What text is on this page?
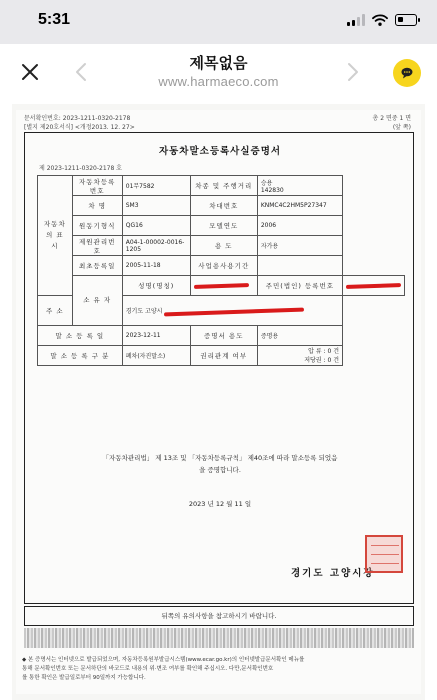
5:31
제목없음
www.harmaeco.com
문서확인번호: 2023-1211-0320-2178
[별지 제20호서식] <개정2013. 12. 27>
총 2 면중 1 면
(앞 쪽)
자동차말소등록사실증명서
제 2023-1211-0320-2178 호
자동차의 표 시	자동차등록번호	01무7582	차종 및 주행거리	승용
142830	

	차 명	SM3	차대번호	KNMC4C2HM5P27347	
	원동기형식	QG16	모델연도	2006	
	제원관리번호	A04-1-00002-0016-1205	용 도	자가용	
	최초등록일	2005-11-18	사업용사용기간		
	소 유 자	성명(명칭)		주민(법인) 등록번호	
주 소		경기도 고양시			
말 소 등 록 일		2023-12-11	증명서 용도	증명용	
말 소 등 록 구 분		폐차(자진말소)	권리관계 여부	압 류 : 0 건
저당권 : 0 건	
「자동차관리법」 제 13조 및 「자동차등록규칙」 제40조에 따라 말소등록 되었음
을 증명합니다.
2023 년 12 월 11 일
경기도 고양시장
뒤쪽의 유의사항을 참고하시기 바랍니다.
◆ 본 증명서는 인터넷으로 발급되었으며, 자동차등록원부발급시스템(www.ecar.go.kr)의 인터넷발급문서확인 메뉴를
통해 문서확인번호 또는 문서하단의 바코드로 내용의 위·변조 여부를 확인해 주십시오. 다만,문서확인번호
를 통한 확인은 발급일로부터 90일까지 가능합니다.
